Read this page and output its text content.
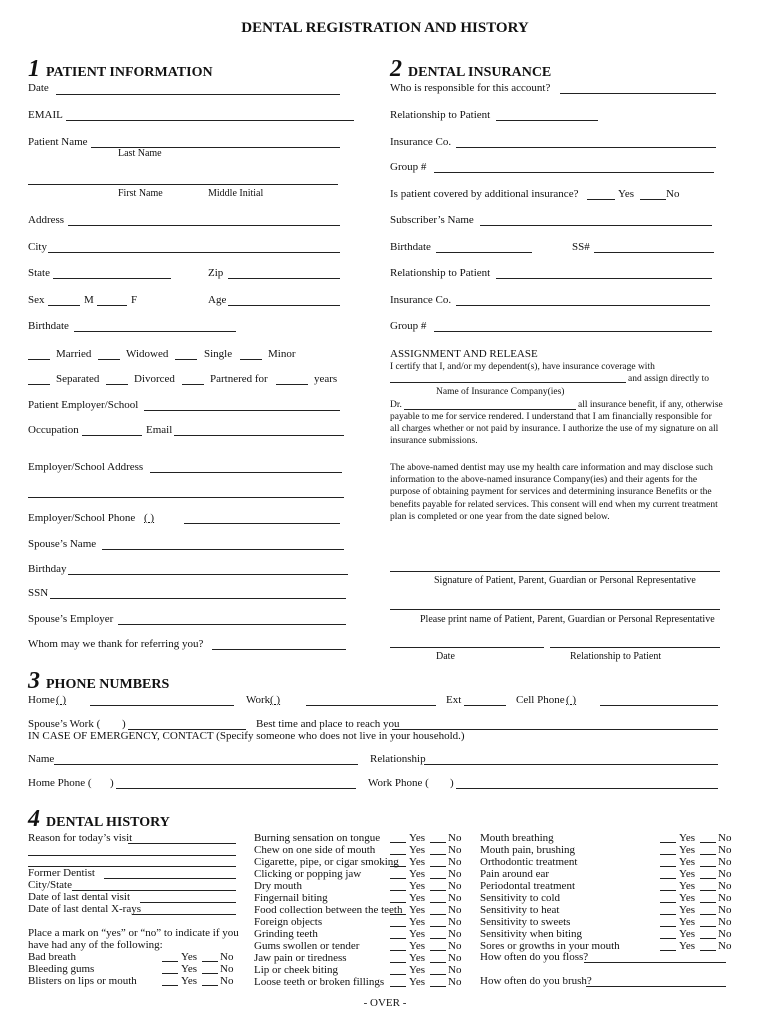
DENTAL REGISTRATION AND HISTORY
1 PATIENT INFORMATION	2 DENTAL INSURANCE
Date
EMAIL
Patient Name
Last Name
First Name	Middle Initial
Address
City
State	Zip
Sex	M	F	Age
Birthdate
Married	Widowed	Single	Minor
Separated	Divorced	Partnered for	years
Patient Employer/School
Occupation	Email
Employer/School Address
Employer/School Phone ( )
Spouse’s Name
Birthday
SSN
Spouse’s Employer
Whom may we thank for referring you?
Who is responsible for this account?
Relationship to Patient
Insurance Co.
Group #
Is patient covered by additional insurance?	Yes	No
Subscriber’s Name
Birthdate	SS#
Relationship to Patient
Insurance Co.
Group #
ASSIGNMENT AND RELEASE
I certify that I, and/or my dependent(s), have insurance coverage with
and assign directly to
Name of Insurance Company(ies)
Dr.	all insurance benefit, if any, otherwise
payable to me for service rendered. I understand that I am financially responsible for all charges whether or not paid by insurance. I authorize the use of my signature on all insurance submissions.
The above-named dentist may use my health care information and may disclose such information to the above-named insurance Company(ies) and their agents for the purpose of obtaining payment for services and determining insurance Benefits or the benefits payable for related services. This consent will end when my current treatment plan is completed or one year from the date signed below.
Signature of Patient, Parent, Guardian or Personal Representative
Please print name of Patient, Parent, Guardian or Personal Representative
Date	Relationship to Patient
3 PHONE NUMBERS
Home ( )	Work ( )	Ext	Cell Phone ( )
Spouse’s Work ( )	Best time and place to reach you
IN CASE OF EMERGENCY, CONTACT (Specify someone who does not live in your household.)
Name	Relationship
Home Phone ( )	Work Phone ( )
4 DENTAL HISTORY
Reason for today’s visit
Former Dentist
City/State
Date of last dental visit
Date of last dental X-rays
Place a mark on “yes” or “no” to indicate if you
have had any of the following:
Bad breath	Yes No
Bleeding gums	Yes No
Blisters on lips or mouth	Yes No
Burning sensation on tongue	Yes No
Chew on one side of mouth	Yes No
Cigarette, pipe, or cigar smoking Yes No
Clicking or popping jaw	Yes No
Dry mouth	Yes No
Fingernail biting	Yes No
Food collection between the teeth Yes No
Foreign objects	Yes No
Grinding teeth	Yes No
Gums swollen or tender	Yes No
Jaw pain or tiredness	Yes No
Lip or cheek biting	Yes No
Loose teeth or broken fillings Yes No
Mouth breathing	Yes No
Mouth pain, brushing	Yes No
Orthodontic treatment	Yes No
Pain around ear	Yes No
Periodontal treatment	Yes No
Sensitivity to cold	Yes No
Sensitivity to heat	Yes No
Sensitivity to sweets	Yes No
Sensitivity when biting	Yes No
Sores or growths in your mouth	Yes No
How often do you floss?
How often do you brush?
- OVER -
